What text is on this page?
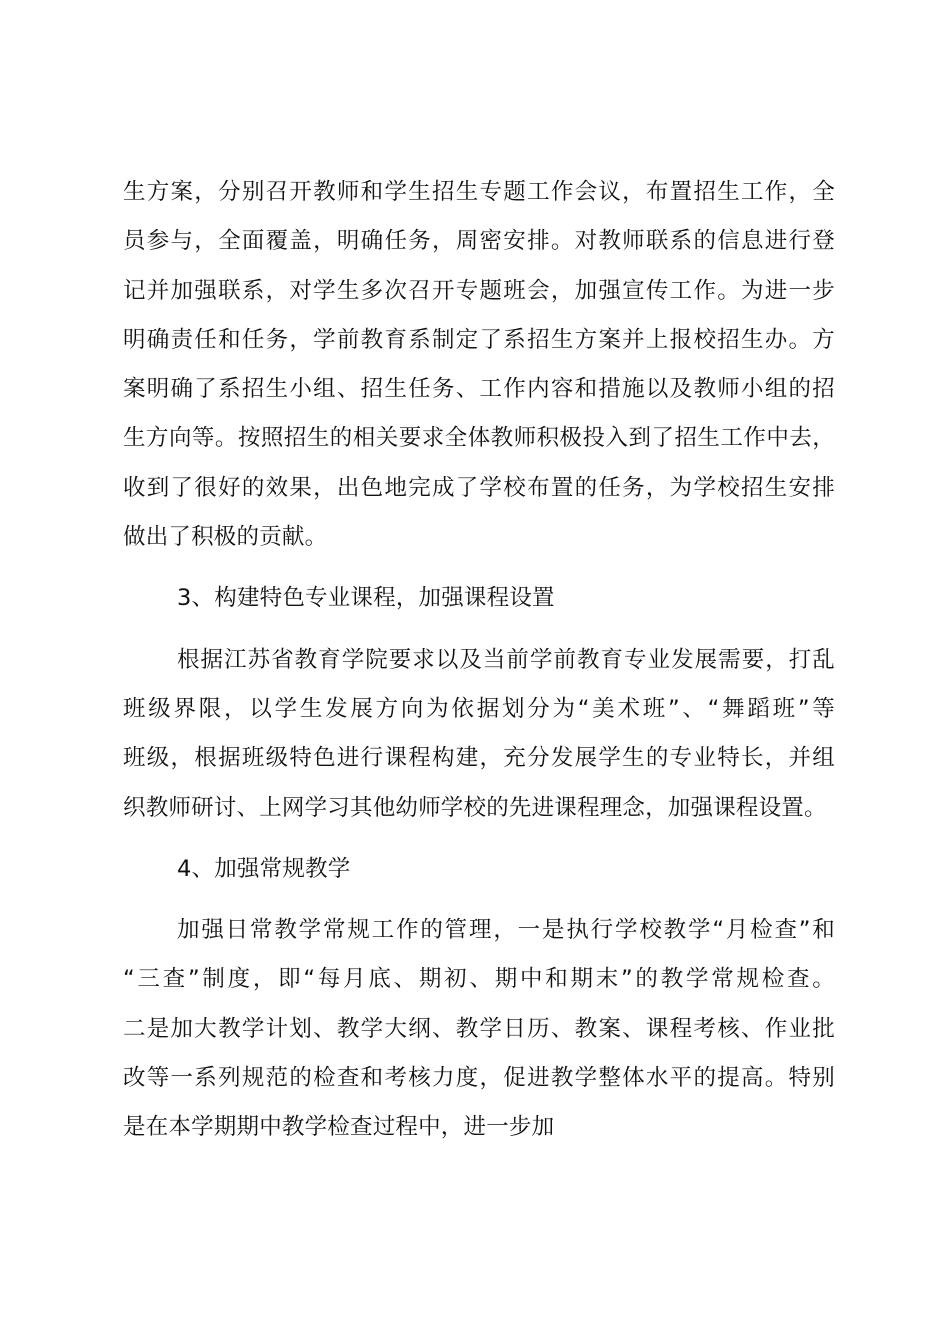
生方案，分别召开教师和学生招生专题工作会议，布置招生工作，全
员参与，全面覆盖，明确任务，周密安排。对教师联系的信息进行登
记并加强联系，对学生多次召开专题班会，加强宣传工作。为进一步
明确责任和任务，学前教育系制定了系招生方案并上报校招生办。方
案明确了系招生小组、招生任务、工作内容和措施以及教师小组的招
生方向等。按照招生的相关要求全体教师积极投入到了招生工作中去，
收到了很好的效果，出色地完成了学校布置的任务，为学校招生安排
做出了积极的贡献。
3、构建特色专业课程，加强课程设置
根据江苏省教育学院要求以及当前学前教育专业发展需要，打乱
班级界限，以学生发展方向为依据划分为“美术班”、“舞蹈班”等
班级，根据班级特色进行课程构建，充分发展学生的专业特长，并组
织教师研讨、上网学习其他幼师学校的先进课程理念，加强课程设置。
4、加强常规教学
加强日常教学常规工作的管理，一是执行学校教学“月检查”和
“三查”制度，即“每月底、期初、期中和期末”的教学常规检查。
二是加大教学计划、教学大纲、教学日历、教案、课程考核、作业批
改等一系列规范的检查和考核力度，促进教学整体水平的提高。特别
是在本学期期中教学检查过程中，进一步加
